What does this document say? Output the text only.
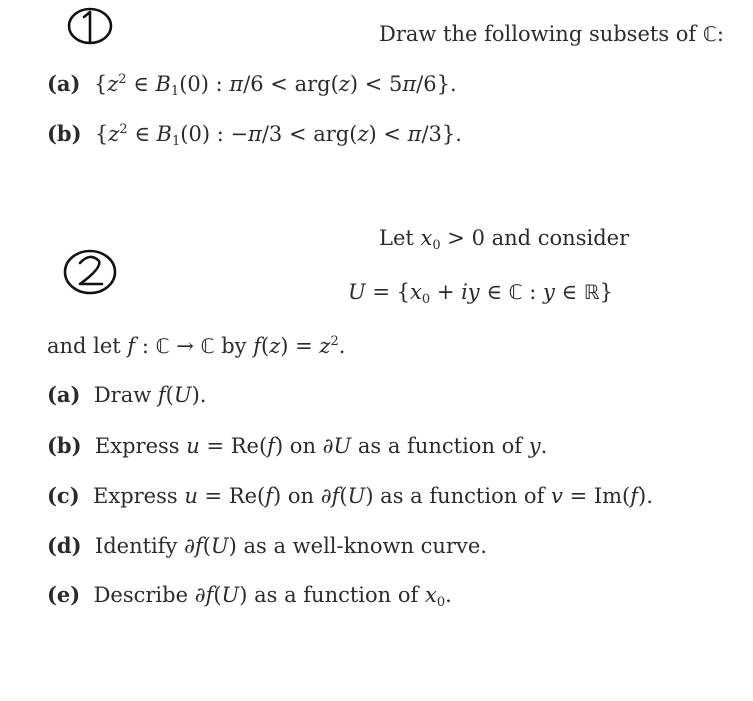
Draw the following subsets of ℂ:
(a)  {$z^2$ ∈ $B_1(0)$ : π/6 < arg(z) < 5π/6}.
(b)  {$z^2$ ∈ $B_1(0)$ : −π/3 < arg(z) < π/3}.
Let $x_0 > 0$ and consider
$U = \{x_0$ + iy ∈ ℂ : y ∈ ℝ}
and let f : ℂ → ℂ by $f(z) = z^2$.
(a)  Draw f(U).
(b)  Express u = Re(f) on ∂U as a function of y.
(c)  Express u = Re(f) on ∂f(U) as a function of v = Im(f).
(d)  Identify ∂f(U) as a well-known curve.
(e)  Describe ∂f(U) as a function of $x_0$.
